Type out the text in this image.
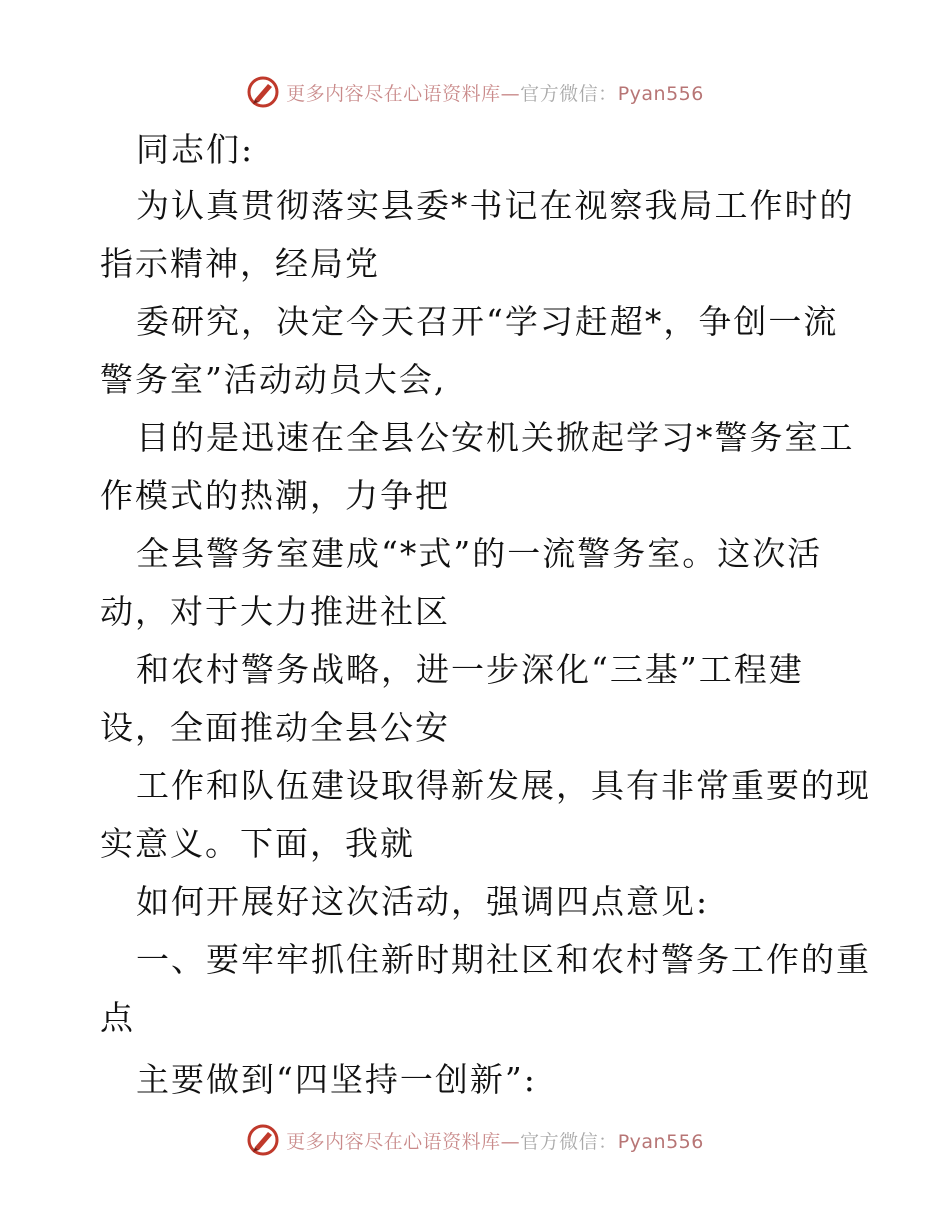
更多内容尽在心语资料库—官方微信：Pyan556
同志们:
为认真贯彻落实县委*书记在视察我局工作时的
指示精神，经局党
委研究，决定今天召开“学习赶超*，争创一流
警务室”活动动员大会,
目的是迅速在全县公安机关掀起学习*警务室工
作模式的热潮，力争把
全县警务室建成“*式”的一流警务室。这次活
动，对于大力推进社区
和农村警务战略，进一步深化“三基”工程建
设，全面推动全县公安
工作和队伍建设取得新发展，具有非常重要的现
实意义。下面，我就
如何开展好这次活动，强调四点意见:
一、要牢牢抓住新时期社区和农村警务工作的重
点
主要做到“四坚持一创新”:
更多内容尽在心语资料库—官方微信：Pyan556
